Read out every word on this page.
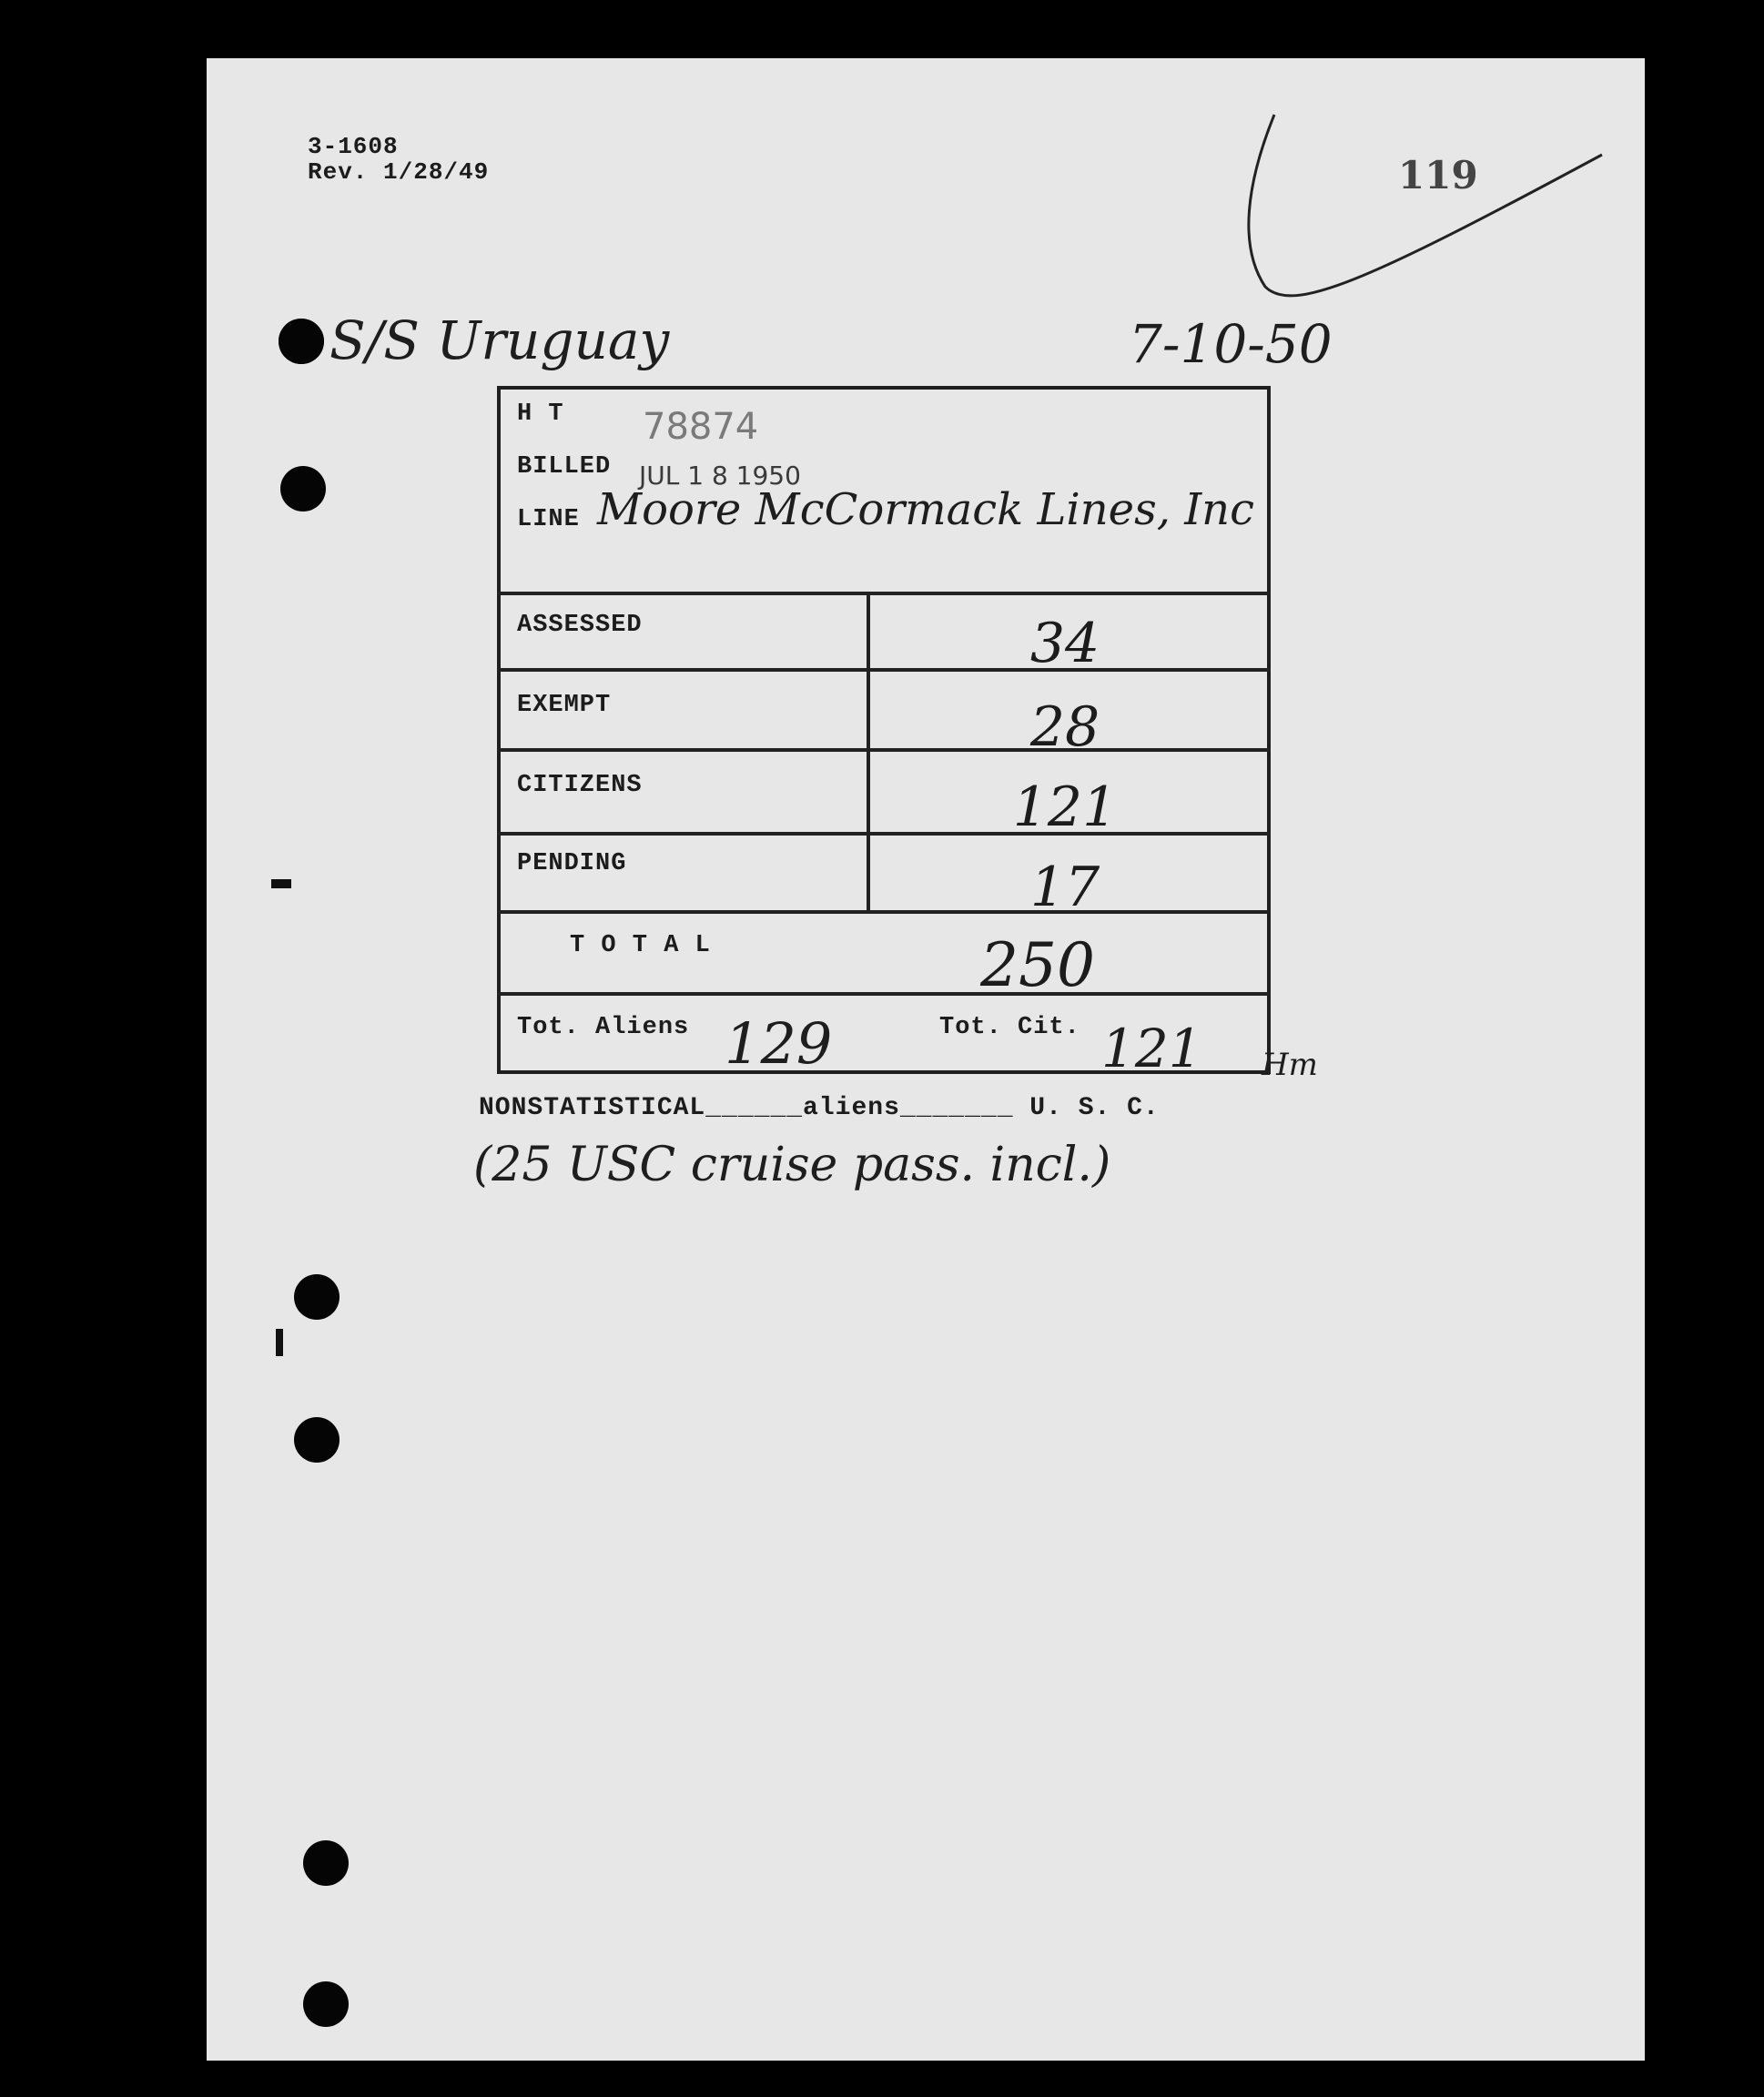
3-1608
Rev. 1/28/49	119
S/S Uruguay	7-10-50
H T 78874
BILLED JUL 1 8 1950
LINE Moore McCormack Lines, Inc
ASSESSED	34
EXEMPT	28
CITIZENS	121
PENDING	17
T O T A L	250
Tot. Aliens 129	Tot. Cit. 121 Hm
NONSTATISTICAL______aliens_______ U. S. C.
(25 USC cruise pass. incl.)
